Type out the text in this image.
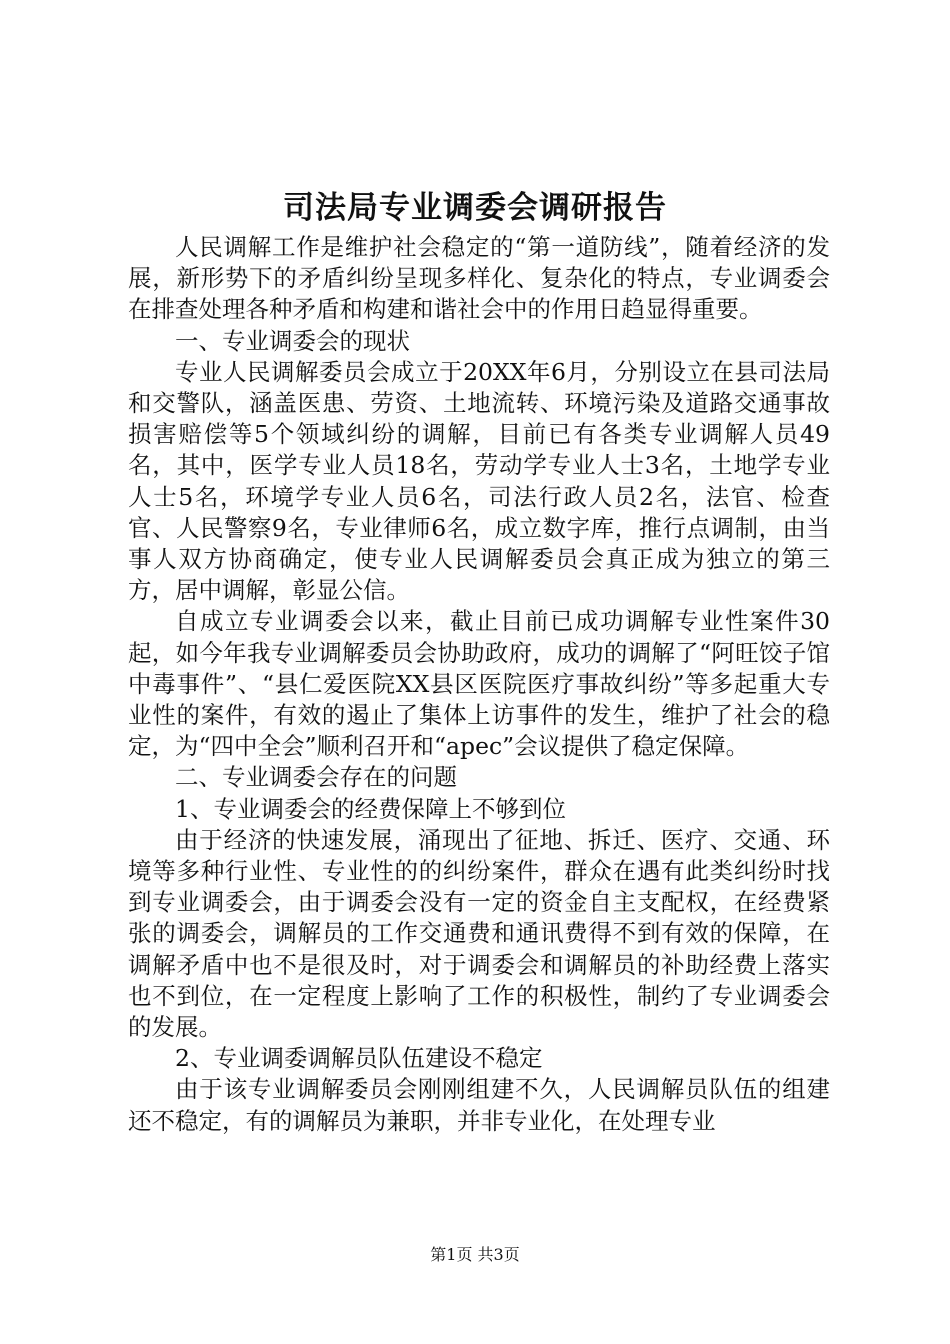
司法局专业调委会调研报告

人民调解工作是维护社会稳定的“第一道防线”，随着经济的发展，新形势下的矛盾纠纷呈现多样化、复杂化的特点，专业调委会在排查处理各种矛盾和构建和谐社会中的作用日趋显得重要。

一、专业调委会的现状

专业人民调解委员会成立于20XX年6月，分别设立在县司法局和交警队，涵盖医患、劳资、土地流转、环境污染及道路交通事故损害赔偿等5个领域纠纷的调解，目前已有各类专业调解人员49名，其中，医学专业人员18名，劳动学专业人士3名，土地学专业人士5名，环境学专业人员6名，司法行政人员2名，法官、检查官、人民警察9名，专业律师6名，成立数字库，推行点调制，由当事人双方协商确定，使专业人民调解委员会真正成为独立的第三方，居中调解，彰显公信。

自成立专业调委会以来，截止目前已成功调解专业性案件30起，如今年我专业调解委员会协助政府，成功的调解了“阿旺饺子馆中毒事件”、“县仁爱医院XX县区医院医疗事故纠纷”等多起重大专业性的案件，有效的遏止了集体上访事件的发生，维护了社会的稳定，为“四中全会”顺利召开和“apec”会议提供了稳定保障。

二、专业调委会存在的问题

1、专业调委会的经费保障上不够到位

由于经济的快速发展，涌现出了征地、拆迁、医疗、交通、环境等多种行业性、专业性的的纠纷案件，群众在遇有此类纠纷时找到专业调委会，由于调委会没有一定的资金自主支配权，在经费紧张的调委会，调解员的工作交通费和通讯费得不到有效的保障，在调解矛盾中也不是很及时，对于调委会和调解员的补助经费上落实也不到位，在一定程度上影响了工作的积极性，制约了专业调委会的发展。

2、专业调委调解员队伍建设不稳定

由于该专业调解委员会刚刚组建不久，人民调解员队伍的组建还不稳定，有的调解员为兼职，并非专业化，在处理专业

第1页 共3页
